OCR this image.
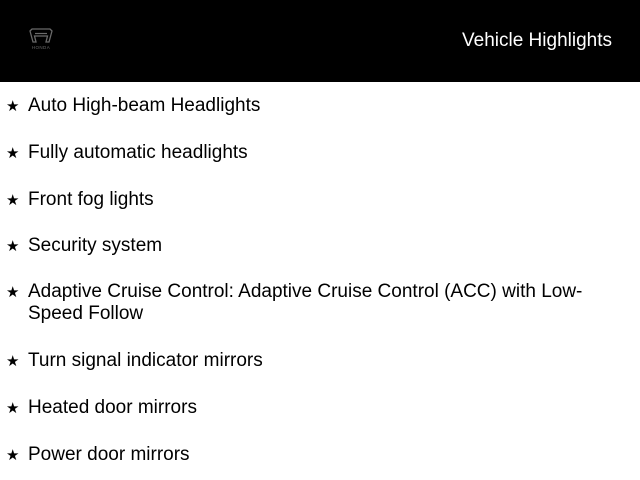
HONDA	Vehicle Highlights
★ Auto High-beam Headlights
★ Fully automatic headlights
★ Front fog lights
★ Security system
★ Adaptive Cruise Control: Adaptive Cruise Control (ACC) with Low-Speed Follow
★ Turn signal indicator mirrors
★ Heated door mirrors
★ Power door mirrors
